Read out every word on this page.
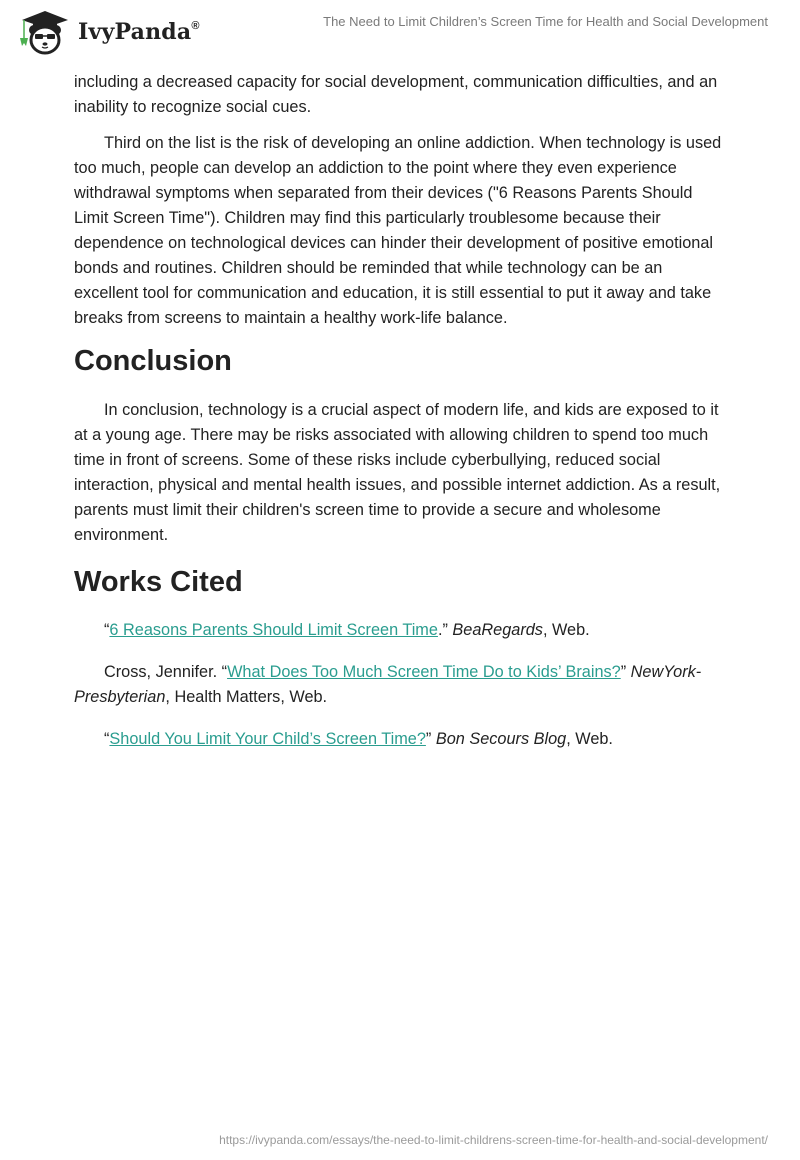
IvyPanda®	The Need to Limit Children’s Screen Time for Health and Social Development

including a decreased capacity for social development, communication difficulties, and an inability to recognize social cues.

Third on the list is the risk of developing an online addiction. When technology is used too much, people can develop an addiction to the point where they even experience withdrawal symptoms when separated from their devices ("6 Reasons Parents Should Limit Screen Time"). Children may find this particularly troublesome because their dependence on technological devices can hinder their development of positive emotional bonds and routines. Children should be reminded that while technology can be an excellent tool for communication and education, it is still essential to put it away and take breaks from screens to maintain a healthy work-life balance.

Conclusion

In conclusion, technology is a crucial aspect of modern life, and kids are exposed to it at a young age. There may be risks associated with allowing children to spend too much time in front of screens. Some of these risks include cyberbullying, reduced social interaction, physical and mental health issues, and possible internet addiction. As a result, parents must limit their children's screen time to provide a secure and wholesome environment.

Works Cited

“6 Reasons Parents Should Limit Screen Time.” BeaRegards, Web.

Cross, Jennifer. “What Does Too Much Screen Time Do to Kids’ Brains?” NewYork-Presbyterian, Health Matters, Web.

“Should You Limit Your Child’s Screen Time?” Bon Secours Blog, Web.

https://ivypanda.com/essays/the-need-to-limit-childrens-screen-time-for-health-and-social-development/
